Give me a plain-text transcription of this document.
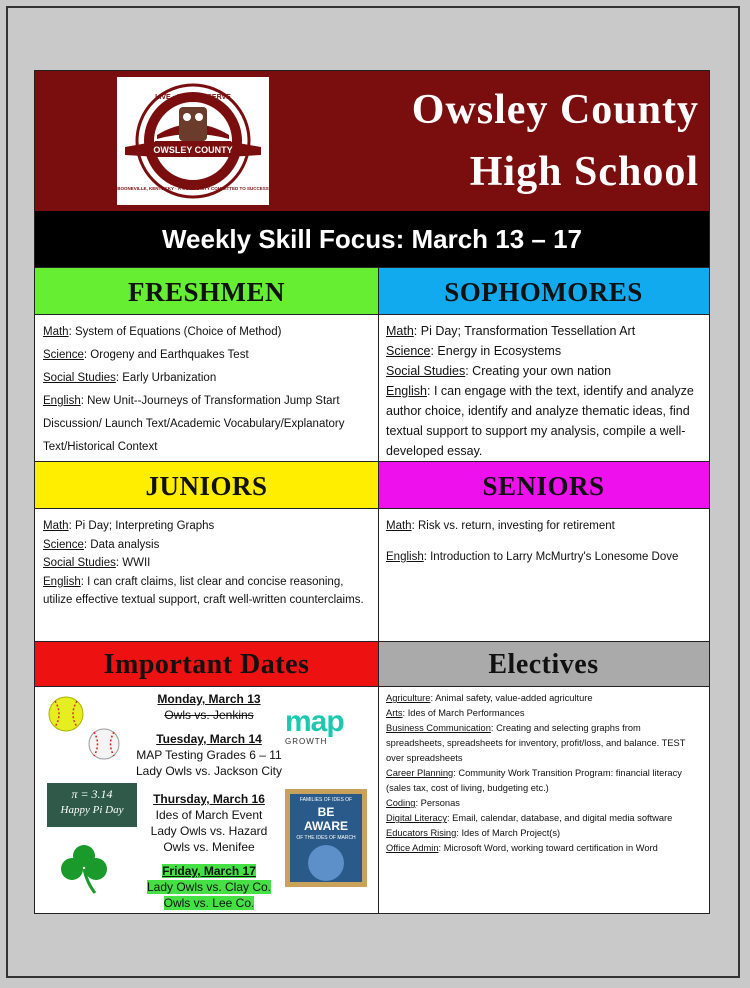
OWSLEY COUNTY
LIVE · LEARN · SERVE
BOONEVILLE, KENTUCKY · A COMMUNITY COMMITTED TO SUCCESS
Owsley County
High School
Weekly Skill Focus: March 13 – 17
FRESHMEN	SOPHOMORES

Math: System of Equations (Choice of Method)

Science: Orogeny and Earthquakes Test

Social Studies: Early Urbanization

English: New Unit--Journeys of Transformation Jump Start Discussion/ Launch Text/Academic Vocabulary/Explanatory Text/Historical Context

Math: Pi Day; Transformation Tessellation Art

Science: Energy in Ecosystems

Social Studies: Creating your own nation

English: I can engage with the text, identify and analyze author choice, identify and analyze thematic ideas, find textual support to support my analysis, compile a well-developed essay.

JUNIORS	SENIORS

Math: Pi Day; Interpreting Graphs

Science: Data analysis

Social Studies: WWII

English: I can craft claims, list clear and concise reasoning, utilize effective textual support, craft well-written counterclaims.

Math: Risk vs. return, investing for retirement

English: Introduction to Larry McMurtry's Lonesome Dove

Important Dates	Electives
π = 3.14
Happy Pi Day
map
GROWTH
FAMILIES OF IDES OF
BE
AWARE
OF THE IDES OF MARCH
Monday, March 13
Owls vs. Jenkins
Tuesday, March 14
MAP Testing Grades 6 – 11
Lady Owls vs. Jackson City
Thursday, March 16
Ides of March Event
Lady Owls vs. Hazard
Owls vs. Menifee
Friday, March 17
Lady Owls vs. Clay Co.
Owls vs. Lee Co.

Agriculture: Animal safety, value-added agriculture

Arts: Ides of March Performances

Business Communication: Creating and selecting graphs from spreadsheets, spreadsheets for inventory, profit/loss, and balance. TEST over spreadsheets

Career Planning: Community Work Transition Program: financial literacy (sales tax, cost of living, budgeting etc.)

Coding: Personas

Digital Literacy: Email, calendar, database, and digital media software

Educators Rising: Ides of March Project(s)

Office Admin: Microsoft Word, working toward certification in Word
